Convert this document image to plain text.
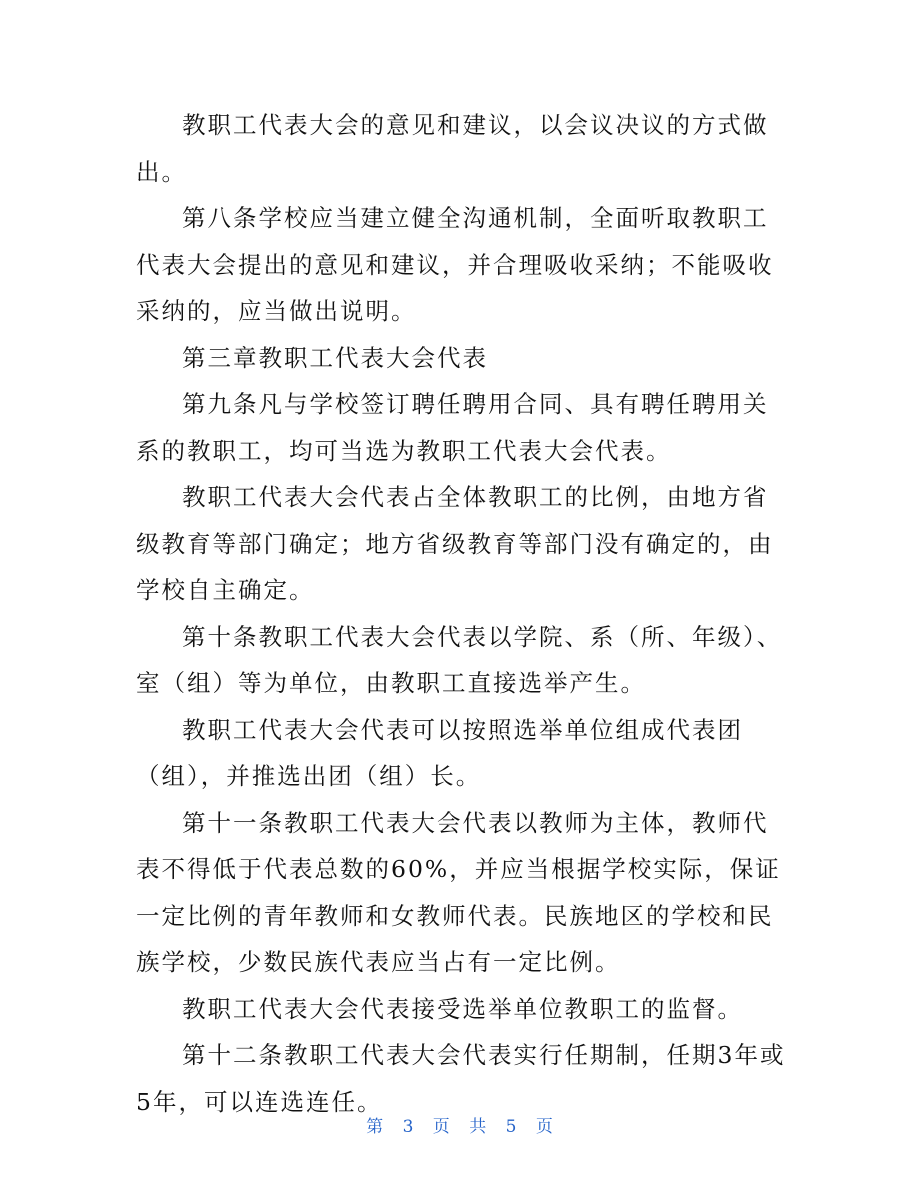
教职工代表大会的意见和建议，以会议决议的方式做出。

第八条学校应当建立健全沟通机制，全面听取教职工代表大会提出的意见和建议，并合理吸收采纳；不能吸收采纳的，应当做出说明。

第三章教职工代表大会代表

第九条凡与学校签订聘任聘用合同、具有聘任聘用关系的教职工，均可当选为教职工代表大会代表。

教职工代表大会代表占全体教职工的比例，由地方省级教育等部门确定；地方省级教育等部门没有确定的，由学校自主确定。

第十条教职工代表大会代表以学院、系（所、年级）、室（组）等为单位，由教职工直接选举产生。

教职工代表大会代表可以按照选举单位组成代表团（组），并推选出团（组）长。

第十一条教职工代表大会代表以教师为主体，教师代表不得低于代表总数的60%，并应当根据学校实际，保证一定比例的青年教师和女教师代表。民族地区的学校和民族学校，少数民族代表应当占有一定比例。

教职工代表大会代表接受选举单位教职工的监督。

第十二条教职工代表大会代表实行任期制，任期3年或5年，可以连选连任。

第 3 页 共 5 页
